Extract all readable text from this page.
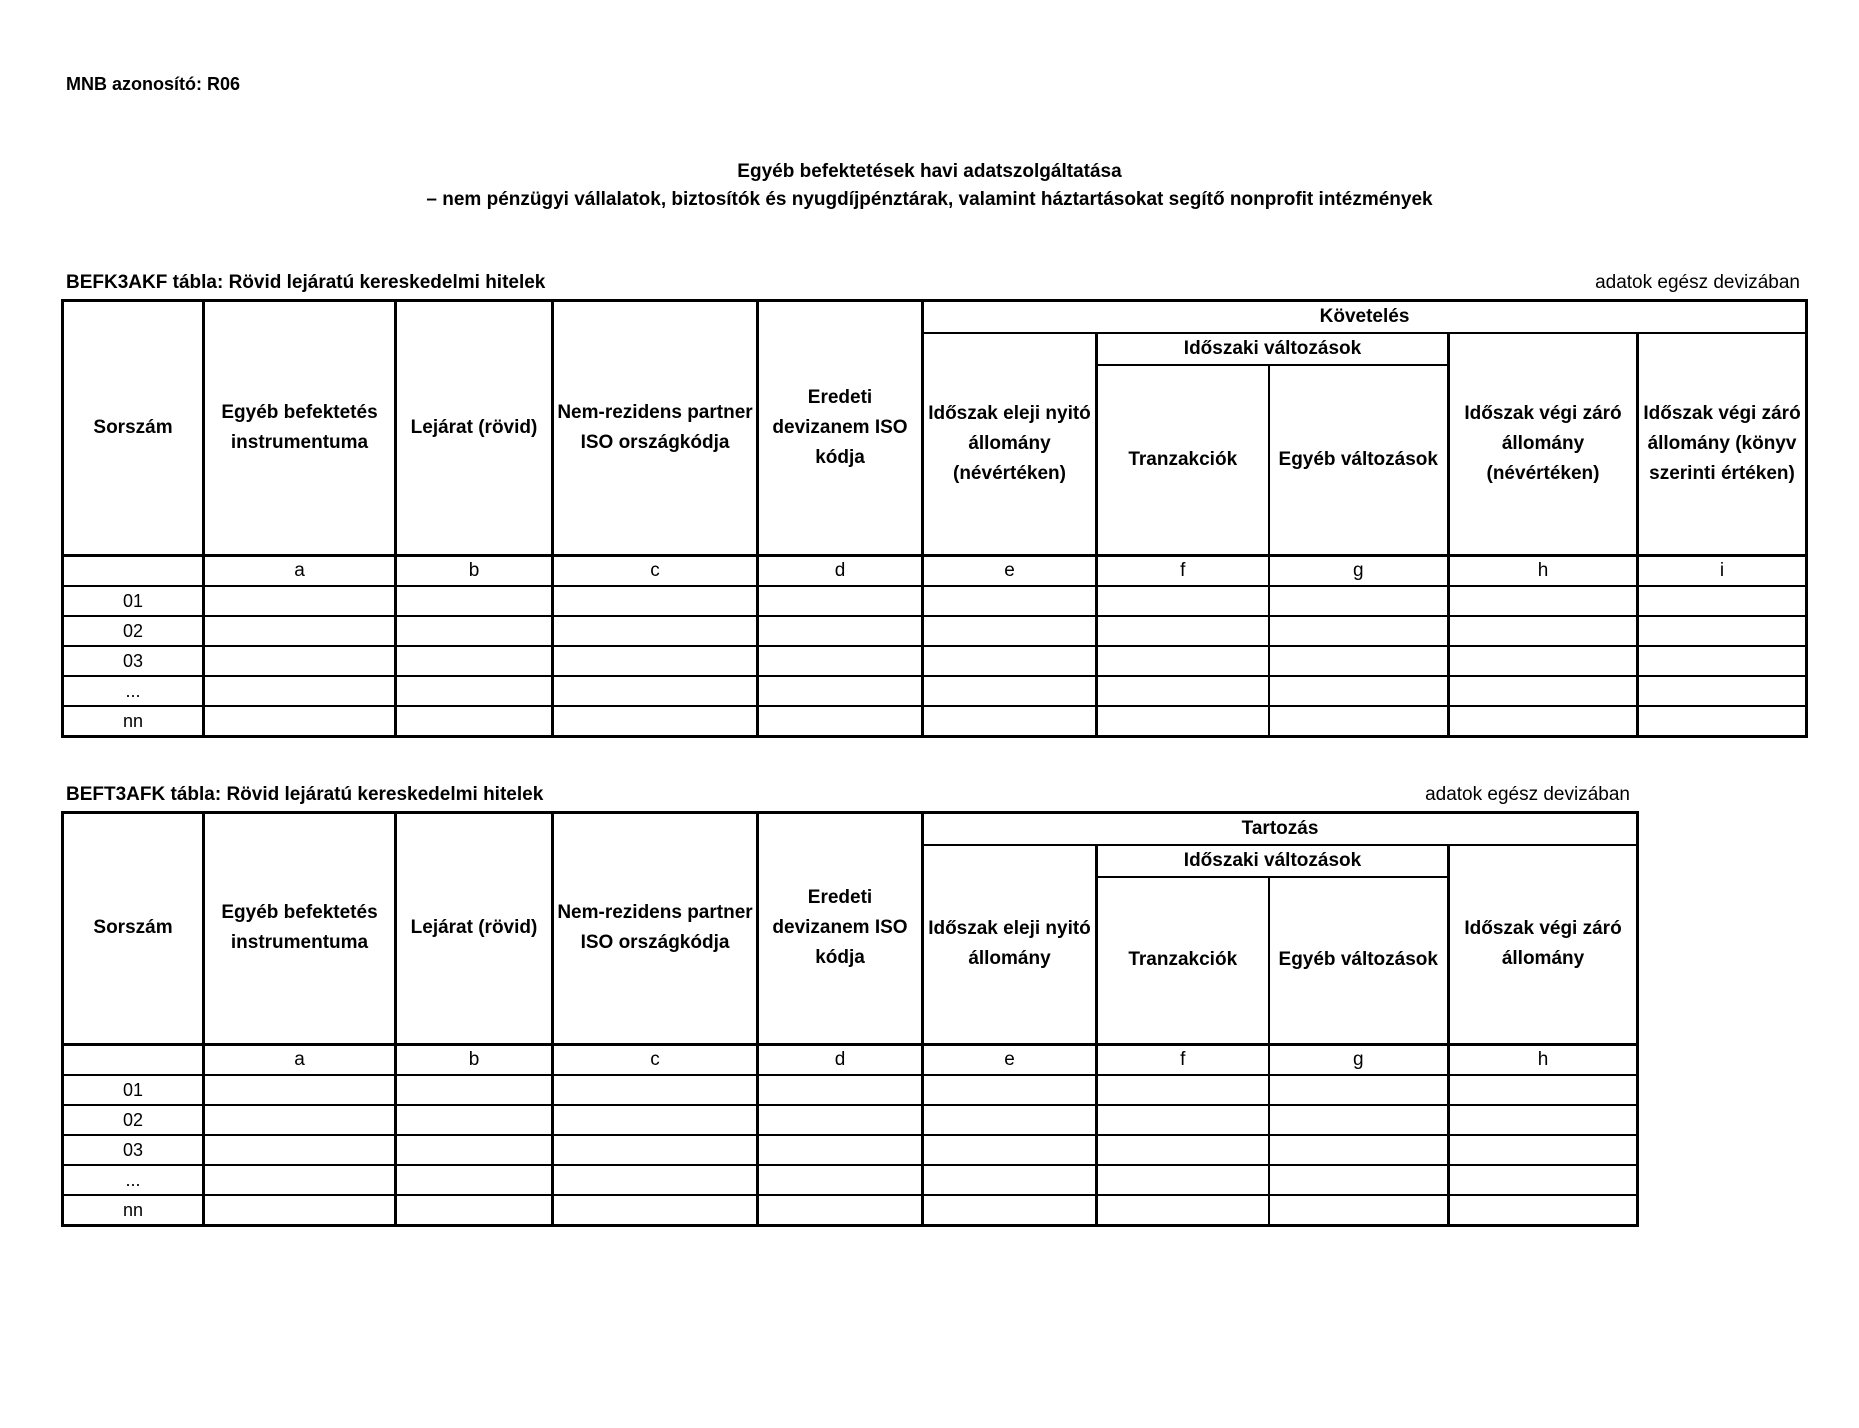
MNB azonosító: R06
Egyéb befektetések havi adatszolgáltatása
– nem pénzügyi vállalatok, biztosítók és nyugdíjpénztárak, valamint háztartásokat segítő nonprofit intézmények
BEFK3AKF tábla: Rövid lejáratú kereskedelmi hitelek	adatok egész devizában
Sorszám	Egyéb befektetés instrumentuma	Lejárat (rövid)	Nem-rezidens partner ISO országkódja	Eredeti devizanem ISO kódja	Követelés				
					Időszak eleji nyitó állomány (névértéken)	Időszaki változások		Időszak végi záró állomány (névértéken)	Időszak végi záró állomány (könyv szerinti értéken)
						Tranzakciók	Egyéb változások		
	a	b	c	d	e	f	g	h	i
01									
02									
03									
...									
nn									
BEFT3AFK tábla: Rövid lejáratú kereskedelmi hitelek	adatok egész devizában
Sorszám	Egyéb befektetés instrumentuma	Lejárat (rövid)	Nem-rezidens partner ISO országkódja	Eredeti devizanem ISO kódja	Tartozás			
					Időszak eleji nyitó állomány	Időszaki változások		Időszak végi záró állomány
						Tranzakciók	Egyéb változások	
	a	b	c	d	e	f	g	h
01								
02								
03								
...								
nn								
